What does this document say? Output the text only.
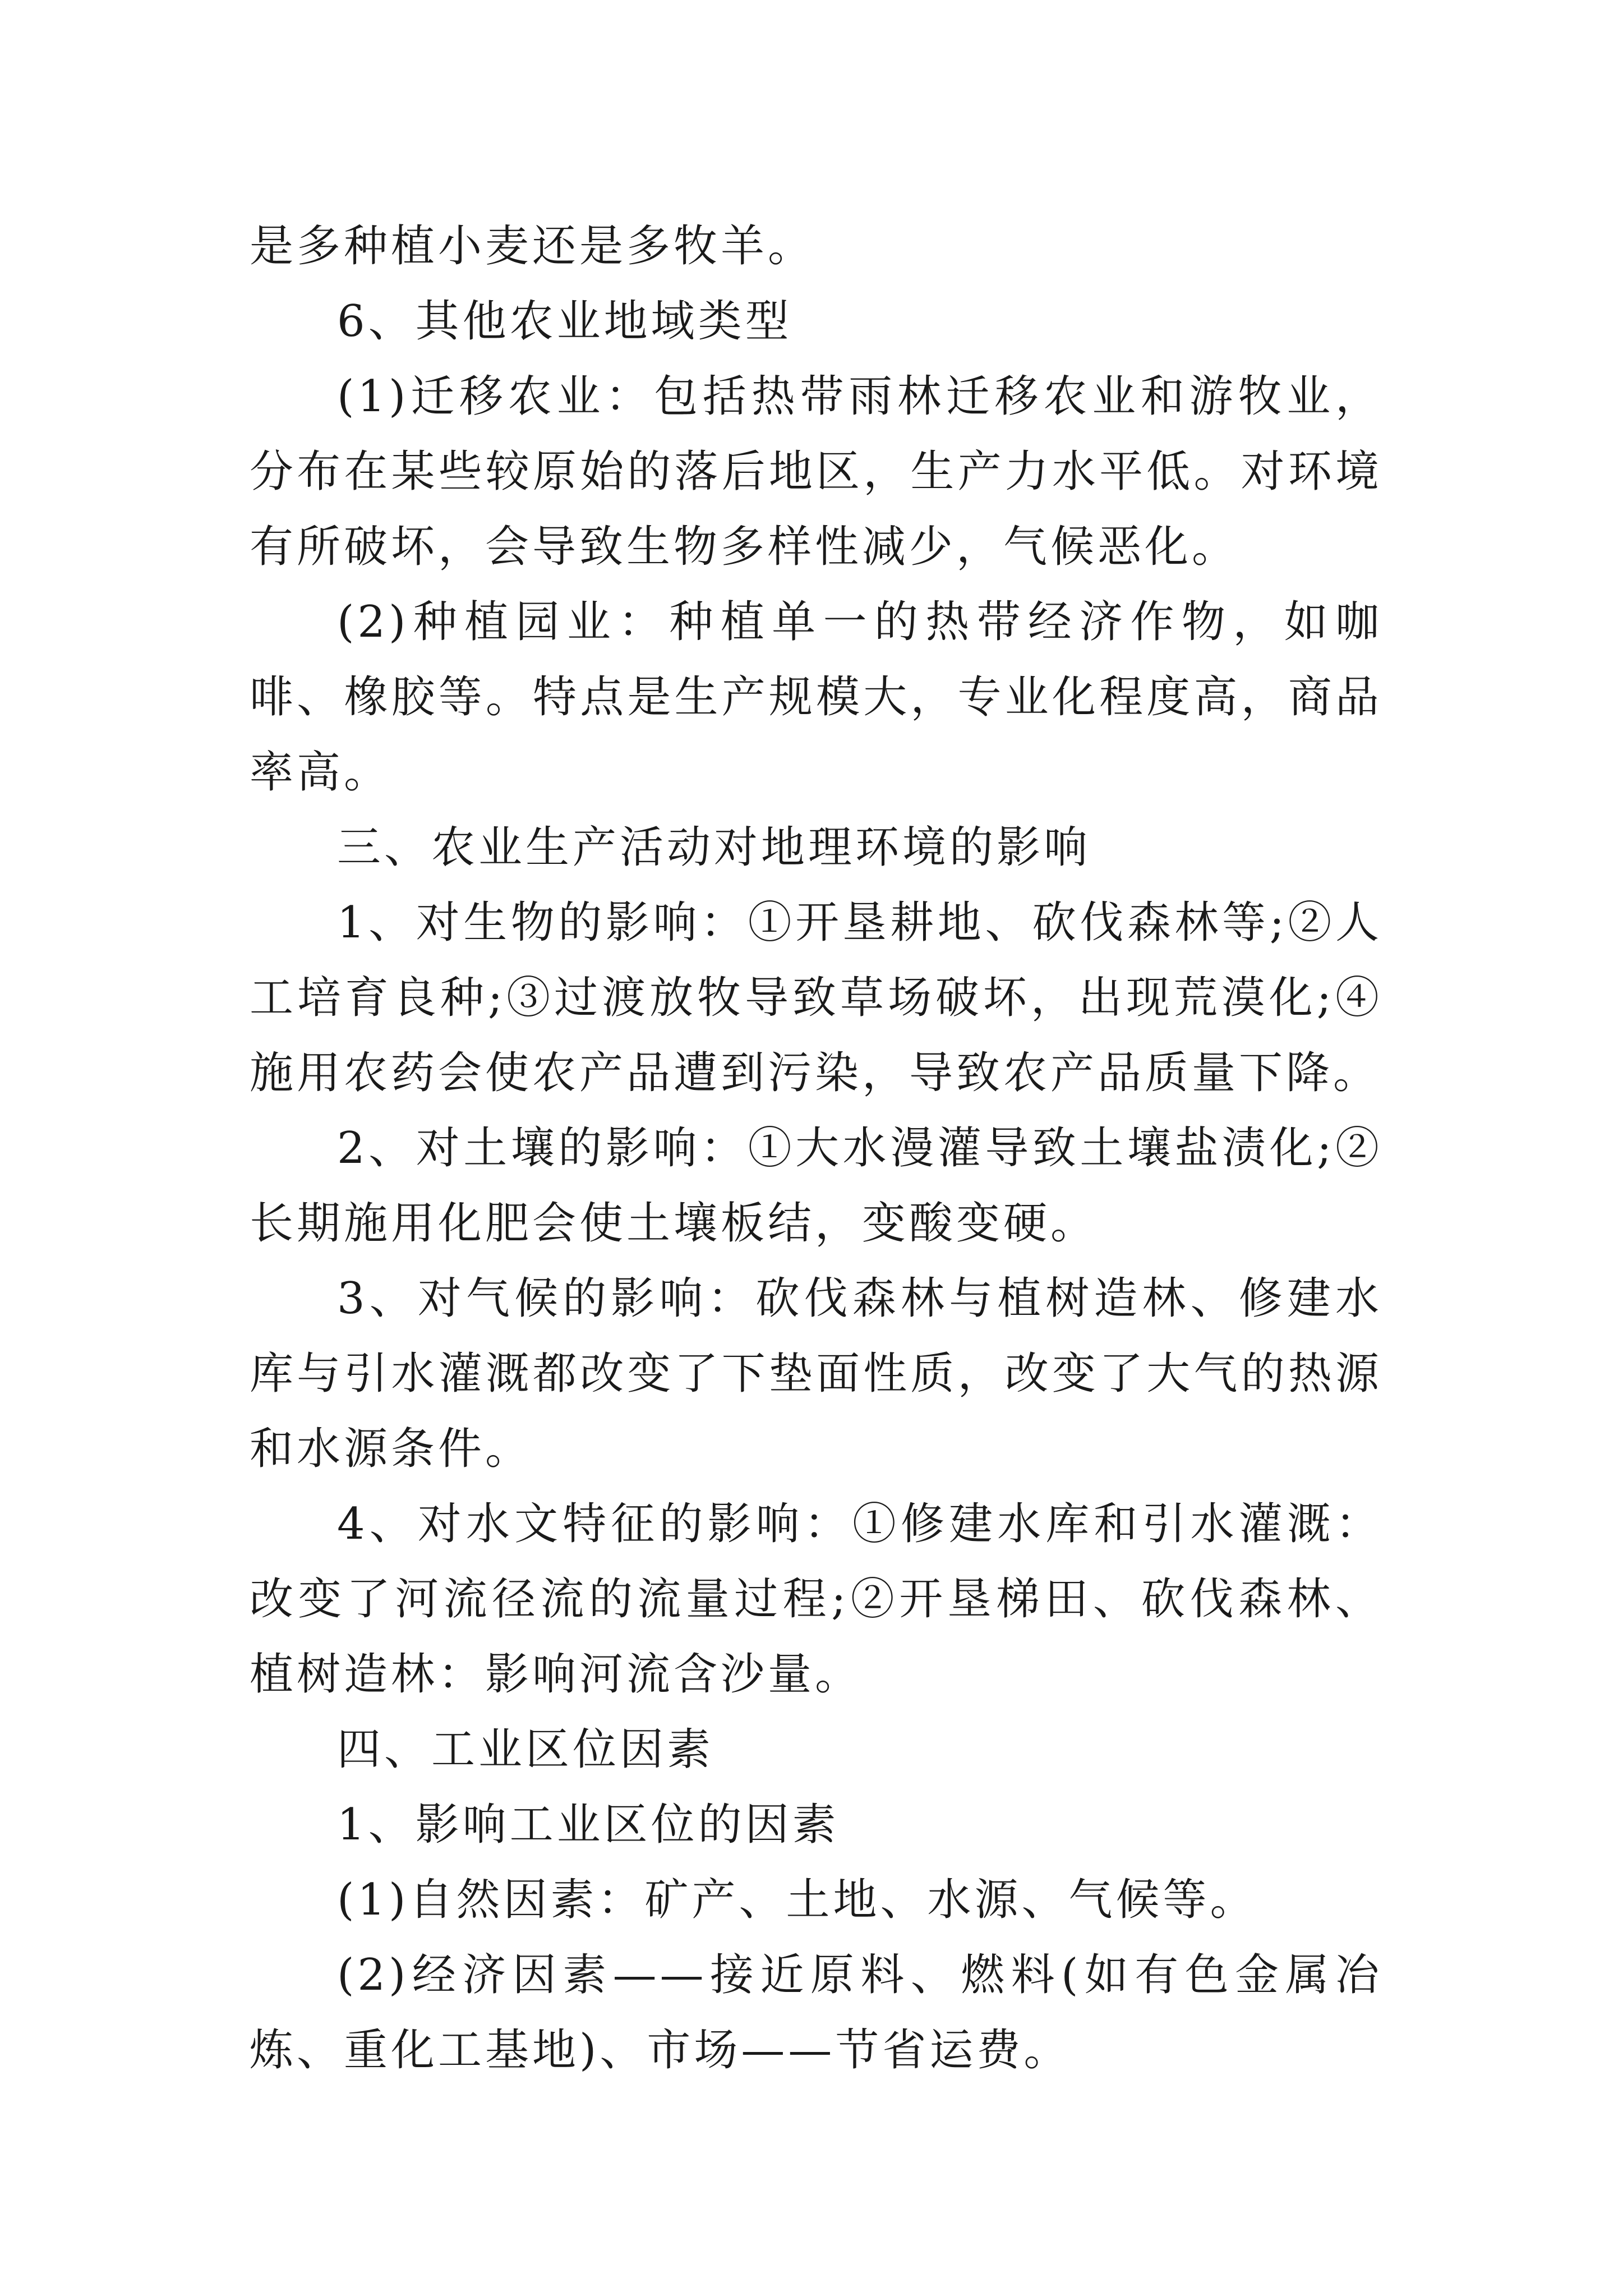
是多种植小麦还是多牧羊。

6、其他农业地域类型

(1)迁移农业：包括热带雨林迁移农业和游牧业，分布在某些较原始的落后地区，生产力水平低。对环境有所破坏，会导致生物多样性减少，气候恶化。

(2)种植园业：种植单一的热带经济作物，如咖啡、橡胶等。特点是生产规模大，专业化程度高，商品率高。

三、农业生产活动对地理环境的影响

1、对生物的影响：①开垦耕地、砍伐森林等;②人工培育良种;③过渡放牧导致草场破坏，出现荒漠化;④施用农药会使农产品遭到污染，导致农产品质量下降。

2、对土壤的影响：①大水漫灌导致土壤盐渍化;②长期施用化肥会使土壤板结，变酸变硬。

3、对气候的影响：砍伐森林与植树造林、修建水库与引水灌溉都改变了下垫面性质，改变了大气的热源和水源条件。

4、对水文特征的影响：①修建水库和引水灌溉：改变了河流径流的流量过程;②开垦梯田、砍伐森林、植树造林：影响河流含沙量。

四、工业区位因素

1、影响工业区位的因素

(1)自然因素：矿产、土地、水源、气候等。

(2)经济因素——接近原料、燃料(如有色金属冶炼、重化工基地)、市场——节省运费。
